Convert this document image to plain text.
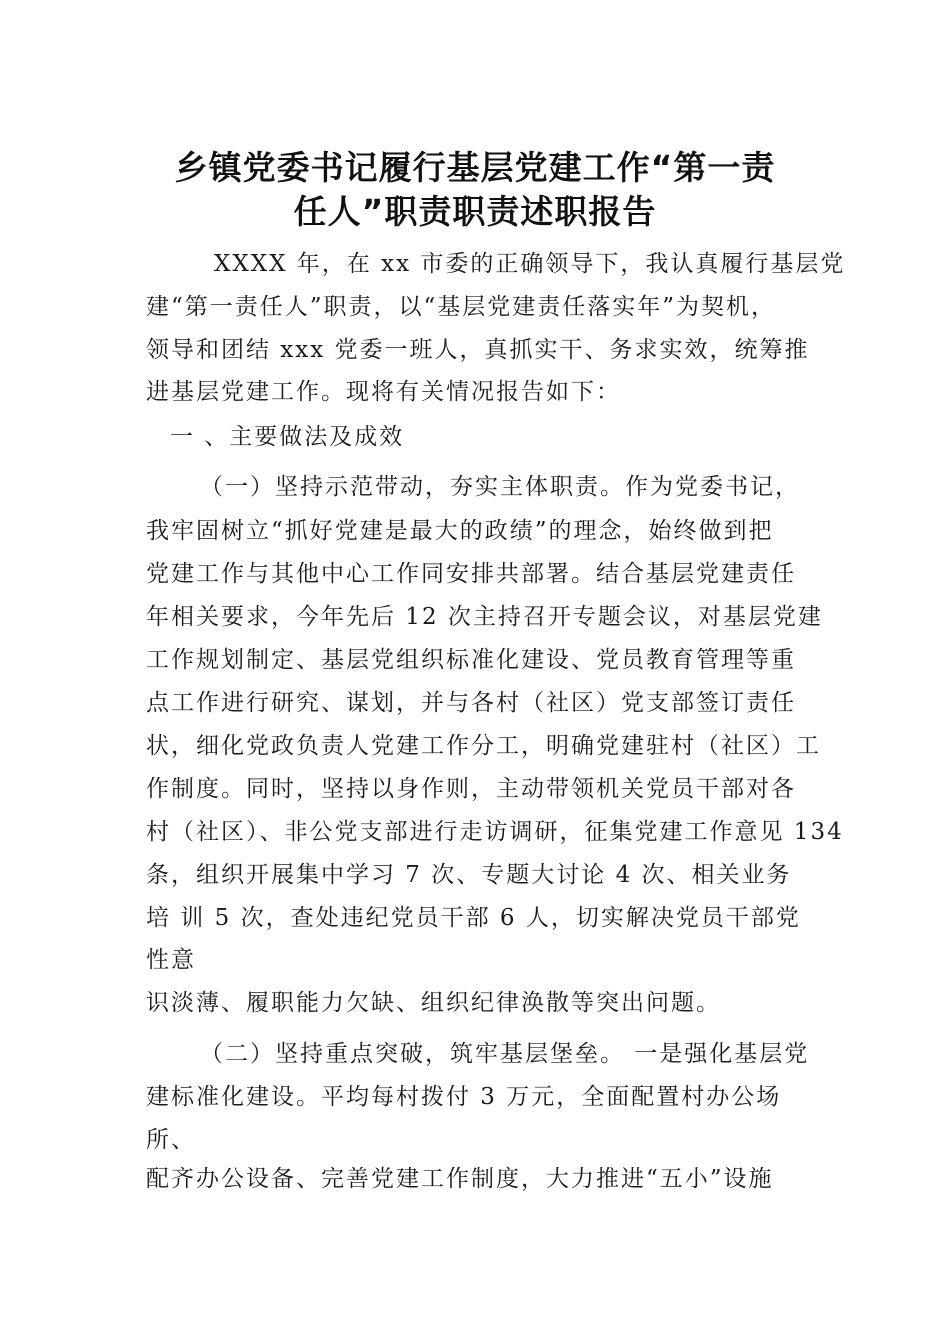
乡镇党委书记履行基层党建工作“第一责
任人”职责职责述职报告
XXXX 年，在 xx 市委的正确领导下，我认真履行基层党
建“第一责任人”职责，以“基层党建责任落实年”为契机，
领导和团结 xxx 党委一班人，真抓实干、务求实效，统筹推
进基层党建工作。现将有关情况报告如下：
一 、主要做法及成效
（一）坚持示范带动，夯实主体职责。作为党委书记，
我牢固树立“抓好党建是最大的政绩”的理念，始终做到把
党建工作与其他中心工作同安排共部署。结合基层党建责任
年相关要求，今年先后 12 次主持召开专题会议，对基层党建
工作规划制定、基层党组织标准化建设、党员教育管理等重
点工作进行研究、谋划，并与各村（社区）党支部签订责任
状，细化党政负责人党建工作分工，明确党建驻村（社区）工
作制度。同时，坚持以身作则，主动带领机关党员干部对各
村（社区）、非公党支部进行走访调研，征集党建工作意见 134
条，组织开展集中学习 7 次、专题大讨论 4 次、相关业务
培 训 5 次，查处违纪党员干部 6 人，切实解决党员干部党
性意
识淡薄、履职能力欠缺、组织纪律涣散等突出问题。
（二）坚持重点突破，筑牢基层堡垒。 一是强化基层党
建标准化建设。平均每村拨付 3 万元，全面配置村办公场
所、
配齐办公设备、完善党建工作制度，大力推进“五小”设施
